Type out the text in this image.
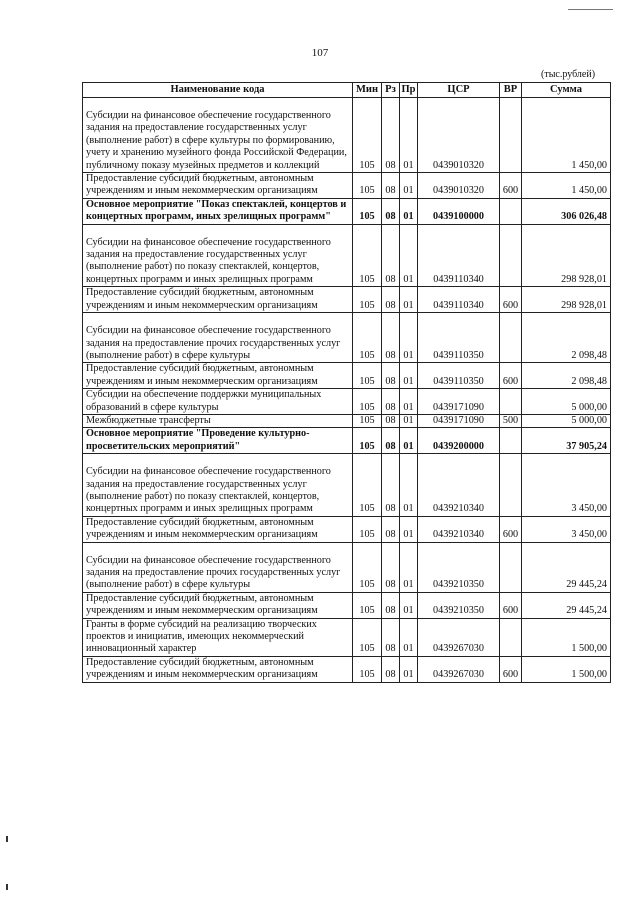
107
(тыс.рублей)
Наименование кода	Мин	Рз	Пр	ЦСР	ВР	Сумма

Субсидии на финансовое обеспечение государственного задания на предоставление государственных услуг (выполнение работ) в сфере культуры по формированию, учету и хранению музейного фонда Российской Федерации, публичному показу музейных предметов и коллекций	105	08	01	0439010320		1 450,00
Предоставление субсидий бюджетным, автономным учреждениям и иным некоммерческим организациям	105	08	01	0439010320	600	1 450,00
Основное мероприятие "Показ спектаклей, концертов и концертных программ, иных зрелищных программ"	105	08	01	0439100000		306 026,48

Субсидии на финансовое обеспечение государственного задания на предоставление государственных услуг (выполнение работ) по показу спектаклей, концертов, концертных программ и иных зрелищных программ	105	08	01	0439110340		298 928,01
Предоставление субсидий бюджетным, автономным учреждениям и иным некоммерческим организациям	105	08	01	0439110340	600	298 928,01

Субсидии на финансовое обеспечение государственного задания на предоставление прочих государственных услуг (выполнение работ) в сфере культуры	105	08	01	0439110350		2 098,48
Предоставление субсидий бюджетным, автономным учреждениям и иным некоммерческим организациям	105	08	01	0439110350	600	2 098,48
Субсидии на обеспечение поддержки муниципальных образований в сфере культуры	105	08	01	0439171090		5 000,00
Межбюджетные трансферты	105	08	01	0439171090	500	5 000,00
Основное мероприятие "Проведение культурно-просветительских мероприятий"	105	08	01	0439200000		37 905,24

Субсидии на финансовое обеспечение государственного задания на предоставление государственных услуг (выполнение работ) по показу спектаклей, концертов, концертных программ и иных зрелищных программ	105	08	01	0439210340		3 450,00
Предоставление субсидий бюджетным, автономным учреждениям и иным некоммерческим организациям	105	08	01	0439210340	600	3 450,00

Субсидии на финансовое обеспечение государственного задания на предоставление прочих государственных услуг (выполнение работ) в сфере культуры	105	08	01	0439210350		29 445,24
Предоставление субсидий бюджетным, автономным учреждениям и иным некоммерческим организациям	105	08	01	0439210350	600	29 445,24
Гранты в форме субсидий на реализацию творческих проектов и инициатив, имеющих некоммерческий инновационный характер	105	08	01	0439267030		1 500,00
Предоставление субсидий бюджетным, автономным учреждениям и иным некоммерческим организациям	105	08	01	0439267030	600	1 500,00
